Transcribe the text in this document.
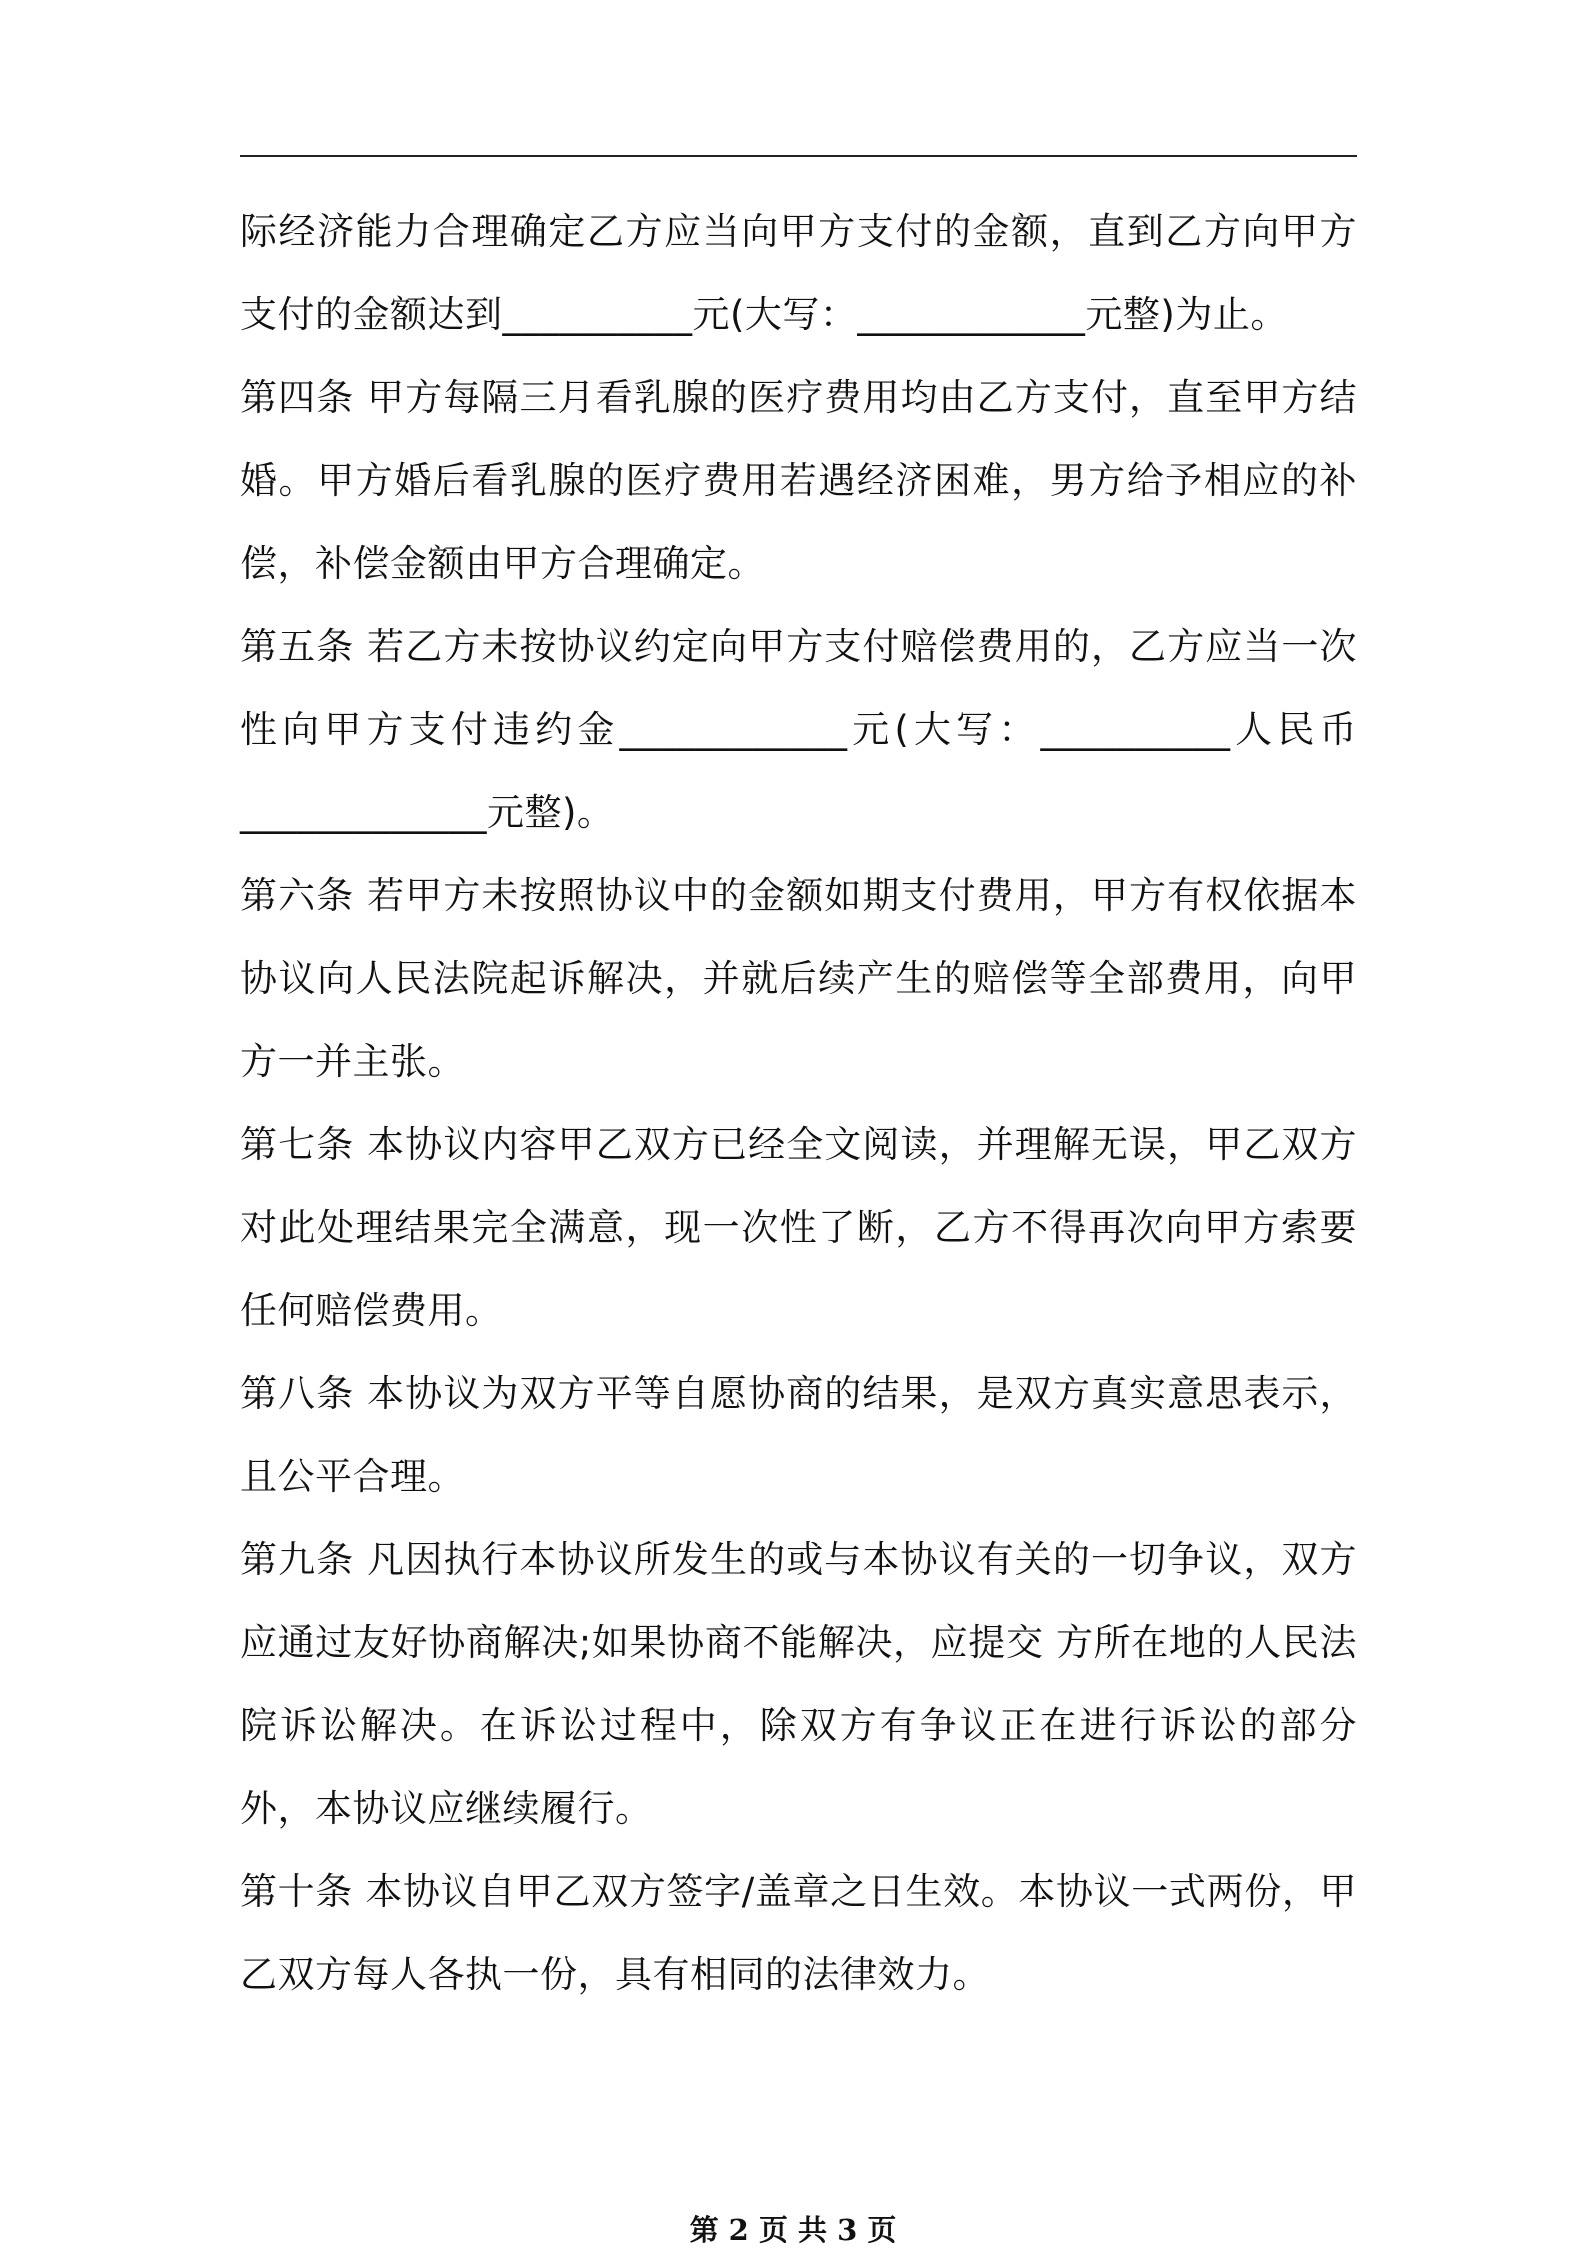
际经济能力合理确定乙方应当向甲方支付的金额，直到乙方向甲方支付的金额达到__________元(大写：____________元整)为止。

第四条 甲方每隔三月看乳腺的医疗费用均由乙方支付，直至甲方结婚。甲方婚后看乳腺的医疗费用若遇经济困难，男方给予相应的补偿，补偿金额由甲方合理确定。

第五条 若乙方未按协议约定向甲方支付赔偿费用的，乙方应当一次性向甲方支付违约金____________元(大写：__________人民币_____________元整)。

第六条 若甲方未按照协议中的金额如期支付费用，甲方有权依据本协议向人民法院起诉解决，并就后续产生的赔偿等全部费用，向甲方一并主张。

第七条 本协议内容甲乙双方已经全文阅读，并理解无误，甲乙双方对此处理结果完全满意，现一次性了断，乙方不得再次向甲方索要任何赔偿费用。

第八条 本协议为双方平等自愿协商的结果，是双方真实意思表示，且公平合理。

第九条 凡因执行本协议所发生的或与本协议有关的一切争议，双方应通过友好协商解决;如果协商不能解决，应提交 方所在地的人民法院诉讼解决。在诉讼过程中，除双方有争议正在进行诉讼的部分外，本协议应继续履行。

第十条 本协议自甲乙双方签字/盖章之日生效。本协议一式两份，甲乙双方每人各执一份，具有相同的法律效力。

第 2 页 共 3 页
